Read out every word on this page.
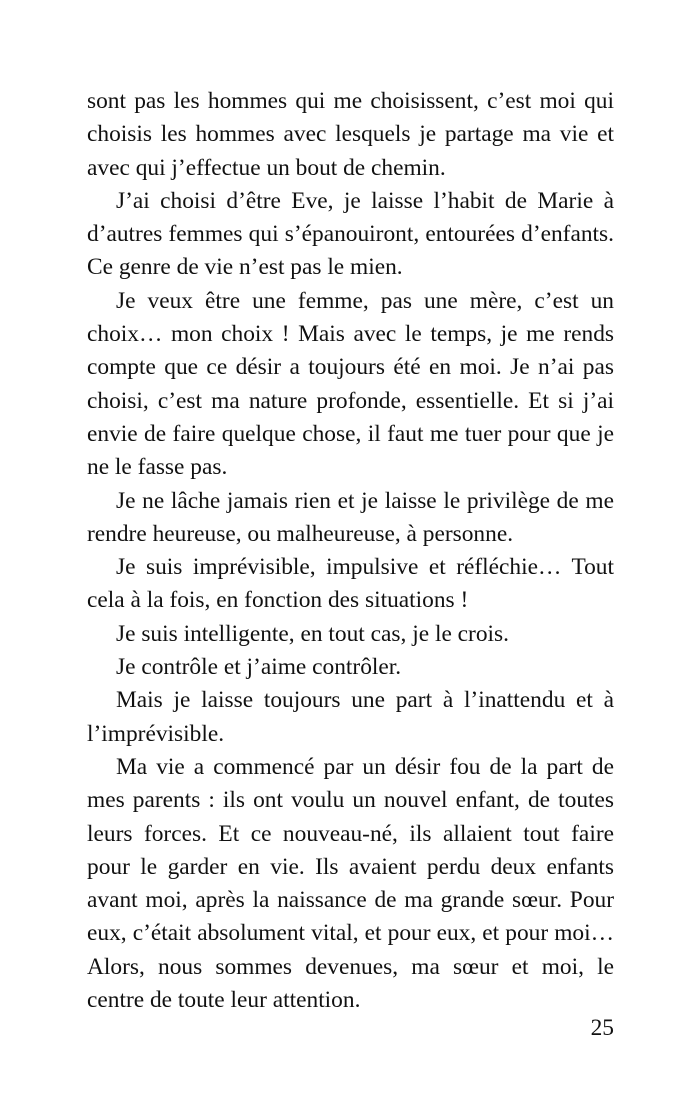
sont pas les hommes qui me choisissent, c’est moi qui choisis les hommes avec lesquels je partage ma vie et avec qui j’effectue un bout de chemin.

J’ai choisi d’être Eve, je laisse l’habit de Marie à d’autres femmes qui s’épanouiront, entourées d’enfants. Ce genre de vie n’est pas le mien.

Je veux être une femme, pas une mère, c’est un choix… mon choix ! Mais avec le temps, je me rends compte que ce désir a toujours été en moi. Je n’ai pas choisi, c’est ma nature profonde, essentielle. Et si j’ai envie de faire quelque chose, il faut me tuer pour que je ne le fasse pas.

Je ne lâche jamais rien et je laisse le privilège de me rendre heureuse, ou malheureuse, à personne.

Je suis imprévisible, impulsive et réfléchie… Tout cela à la fois, en fonction des situations !

Je suis intelligente, en tout cas, je le crois.

Je contrôle et j’aime contrôler.

Mais je laisse toujours une part à l’inattendu et à l’imprévisible.

Ma vie a commencé par un désir fou de la part de mes parents : ils ont voulu un nouvel enfant, de toutes leurs forces. Et ce nouveau-né, ils allaient tout faire pour le garder en vie. Ils avaient perdu deux enfants avant moi, après la naissance de ma grande sœur. Pour eux, c’était absolument vital, et pour eux, et pour moi… Alors, nous sommes devenues, ma sœur et moi, le centre de toute leur attention.

25
